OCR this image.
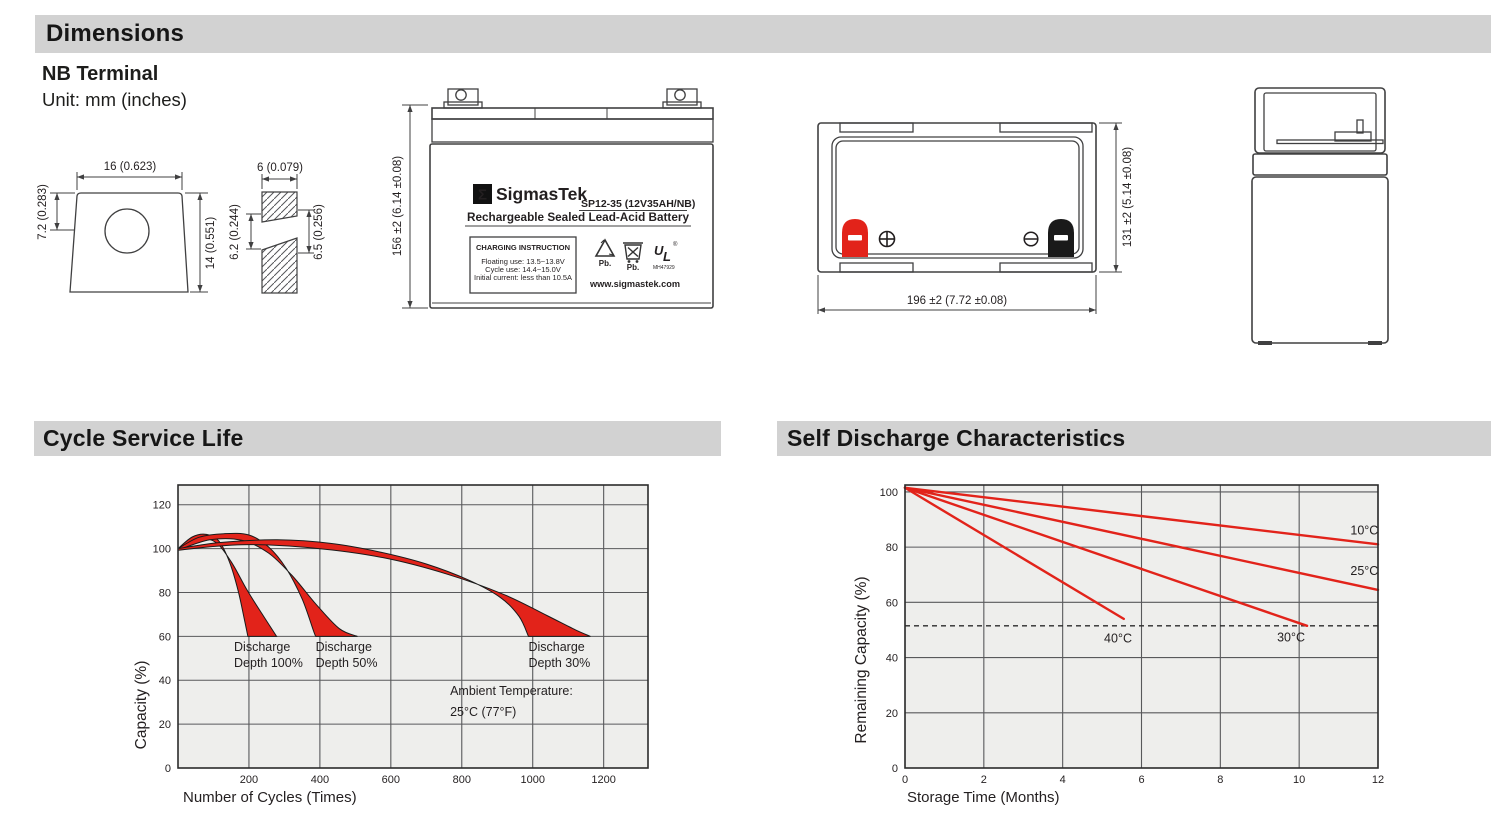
Dimensions
NB Terminal
Unit: mm (inches)
16 (0.623)
7.2 (0.283)
14 (0.551)
6 (0.079)
6.2 (0.244)	6.5 (0.256)	156 ±2 (6.14 ±0.08)	Σ SigmasTek
SP12-35 (12V35AH/NB)
Rechargeable Sealed Lead-Acid Battery
CHARGING INSTRUCTION
Floating use: 13.5~13.8V
Cycle use: 14.4~15.0V
Initial current: less than 10.5A
Pb. Pb.
U L
®
MH47929
www.sigmastek.com
131 ±2 (5.14 ±0.08)
196 ±2 (7.72 ±0.08)
Cycle Service Life	Self Discharge Characteristics
Discharge
Depth 100%
Discharge
Depth 50%
Discharge
Depth 30%
Ambient Temperature:
25°C (77°F)
200	400	600	800	1000	1200
0
20
40
60
80
100
120
Number of Cycles (Times)
Capacity (%)
10°C
25°C
30°C
40°C
0	2	4	6	8	10	12
0
20
40
60
80
100
Storage Time (Months)
Remaining Capacity (%)
